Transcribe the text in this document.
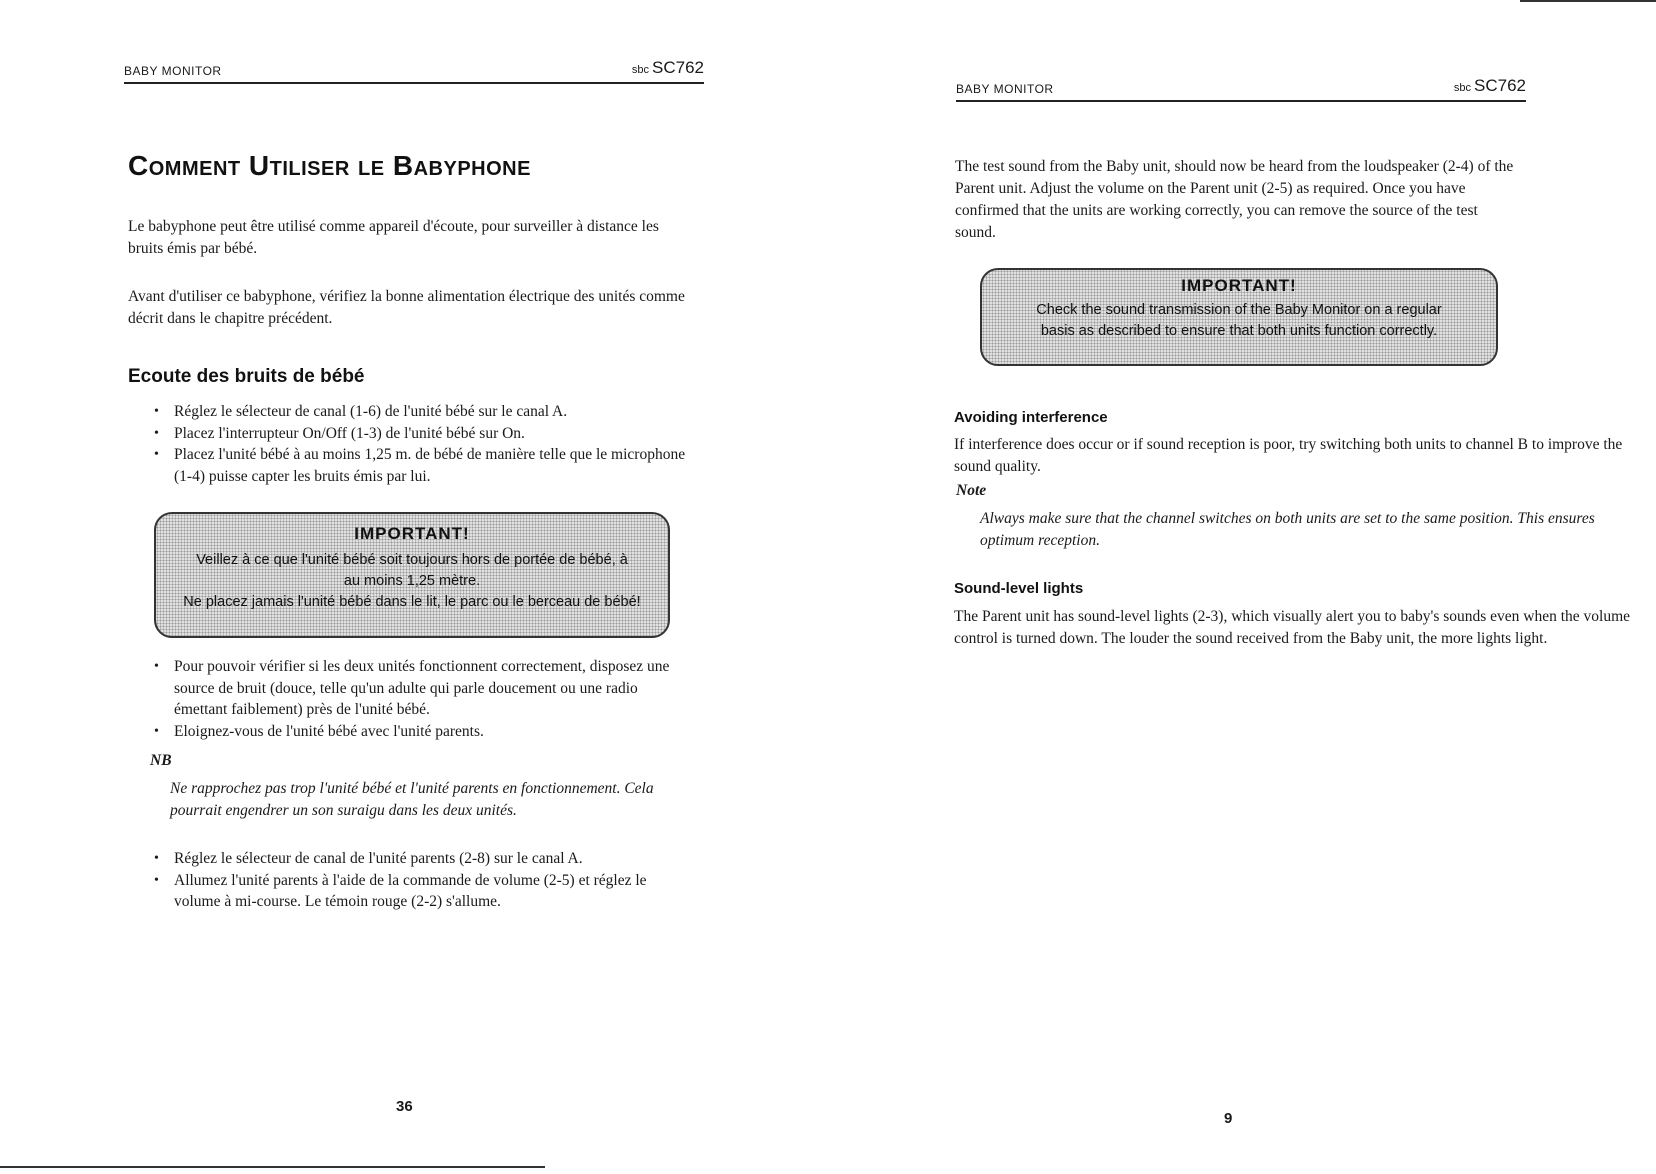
BABY MONITOR	sbc SC762
Comment Utiliser le Babyphone

Le babyphone peut être utilisé comme appareil d'écoute, pour surveiller à distance les bruits émis par bébé.

Avant d'utiliser ce babyphone, vérifiez la bonne alimentation électrique des unités comme décrit dans le chapitre précédent.

Ecoute des bruits de bébé
• Réglez le sélecteur de canal (1-6) de l'unité bébé sur le canal A.
• Placez l'interrupteur On/Off (1-3) de l'unité bébé sur On.
• Placez l'unité bébé à au moins 1,25 m. de bébé de manière telle que le microphone (1-4) puisse capter les bruits émis par lui.
IMPORTANT!
Veillez à ce que l'unité bébé soit toujours hors de portée de bébé, à
au moins 1,25 mètre.
Ne placez jamais l'unité bébé dans le lit, le parc ou le berceau de bébé!
• Pour pouvoir vérifier si les deux unités fonctionnent correctement, disposez une source de bruit (douce, telle qu'un adulte qui parle doucement ou une radio émettant faiblement) près de l'unité bébé.
• Eloignez-vous de l'unité bébé avec l'unité parents.

NB

Ne rapprochez pas trop l'unité bébé et l'unité parents en fonctionnement. Cela pourrait engendrer un son suraigu dans les deux unités.

• Réglez le sélecteur de canal de l'unité parents (2-8) sur le canal A.
• Allumez l'unité parents à l'aide de la commande de volume (2-5) et réglez le volume à mi-course. Le témoin rouge (2-2) s'allume.
36
BABY MONITOR	sbc SC762

The test sound from the Baby unit, should now be heard from the loudspeaker (2-4) of the Parent unit. Adjust the volume on the Parent unit (2-5) as required. Once you have confirmed that the units are working correctly, you can remove the source of the test sound.

IMPORTANT!
Check the sound transmission of the Baby Monitor on a regular
basis as described to ensure that both units function correctly.
Avoiding interference

If interference does occur or if sound reception is poor, try switching both units to channel B to improve the sound quality.

Note

Always make sure that the channel switches on both units are set to the same position. This ensures optimum reception.

Sound-level lights

The Parent unit has sound-level lights (2-3), which visually alert you to baby's sounds even when the volume control is turned down. The louder the sound received from the Baby unit, the more lights light.

9
